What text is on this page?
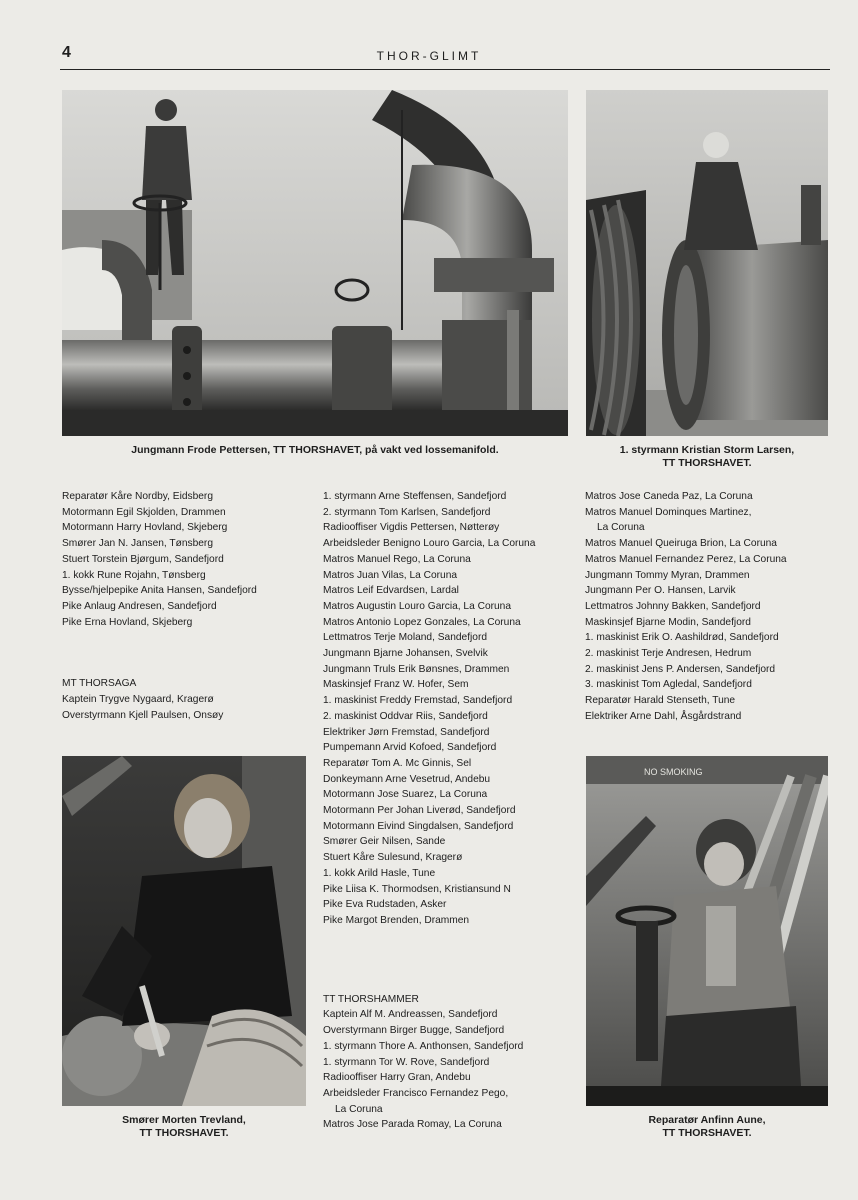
4	THOR-GLIMT
Jungmann Frode Pettersen, TT THORSHAVET, på vakt ved lossemanifold.	1. styrmann Kristian Storm Larsen,
TT THORSHAVET.
Reparatør Kåre Nordby, Eidsberg
Motormann Egil Skjolden, Drammen
Motormann Harry Hovland, Skjeberg
Smører Jan N. Jansen, Tønsberg
Stuert Torstein Bjørgum, Sandefjord
1. kokk Rune Rojahn, Tønsberg
Bysse/hjelpepike Anita Hansen, Sandefjord
Pike Anlaug Andresen, Sandefjord
Pike Erna Hovland, Skjeberg
MT THORSAGA
Kaptein Trygve Nygaard, Kragerø
Overstyrmann Kjell Paulsen, Onsøy
1. styrmann Arne Steffensen, Sandefjord
2. styrmann Tom Karlsen, Sandefjord
Radiooffiser Vigdis Pettersen, Nøtterøy
Arbeidsleder Benigno Louro Garcia, La Coruna
Matros Manuel Rego, La Coruna
Matros Juan Vilas, La Coruna
Matros Leif Edvardsen, Lardal
Matros Augustin Louro Garcia, La Coruna
Matros Antonio Lopez Gonzales, La Coruna
Lettmatros Terje Moland, Sandefjord
Jungmann Bjarne Johansen, Svelvik
Jungmann Truls Erik Bønsnes, Drammen
Maskinsjef Franz W. Hofer, Sem
1. maskinist Freddy Fremstad, Sandefjord
2. maskinist Oddvar Riis, Sandefjord
Elektriker Jørn Fremstad, Sandefjord
Pumpemann Arvid Kofoed, Sandefjord
Reparatør Tom A. Mc Ginnis, Sel
Donkeymann Arne Vesetrud, Andebu
Motormann Jose Suarez, La Coruna
Motormann Per Johan Liverød, Sandefjord
Motormann Eivind Singdalsen, Sandefjord
Smører Geir Nilsen, Sande
Stuert Kåre Sulesund, Kragerø
1. kokk Arild Hasle, Tune
Pike Liisa K. Thormodsen, Kristiansund N
Pike Eva Rudstaden, Asker
Pike Margot Brenden, Drammen
TT THORSHAMMER
Kaptein Alf M. Andreassen, Sandefjord
Overstyrmann Birger Bugge, Sandefjord
1. styrmann Thore A. Anthonsen, Sandefjord
1. styrmann Tor W. Rove, Sandefjord
Radiooffiser Harry Gran, Andebu
Arbeidsleder Francisco Fernandez Pego,
La Coruna
Matros Jose Parada Romay, La Coruna
Matros Jose Caneda Paz, La Coruna
Matros Manuel Dominques Martinez,
La Coruna
Matros Manuel Queiruga Brion, La Coruna
Matros Manuel Fernandez Perez, La Coruna
Jungmann Tommy Myran, Drammen
Jungmann Per O. Hansen, Larvik
Lettmatros Johnny Bakken, Sandefjord
Maskinsjef Bjarne Modin, Sandefjord
1. maskinist Erik O. Aashildrød, Sandefjord
2. maskinist Terje Andresen, Hedrum
2. maskinist Jens P. Andersen, Sandefjord
3. maskinist Tom Agledal, Sandefjord
Reparatør Harald Stenseth, Tune
Elektriker Arne Dahl, Åsgårdstrand
Smører Morten Trevland,
TT THORSHAVET.
NO SMOKING
Reparatør Anfinn Aune,
TT THORSHAVET.
